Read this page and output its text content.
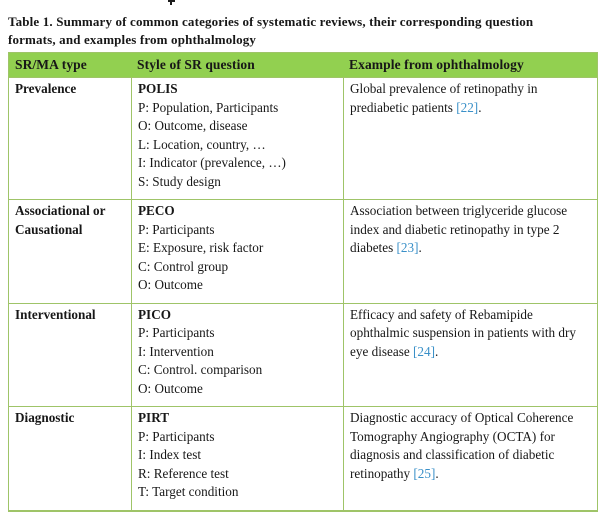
Table 1. Summary of common categories of systematic reviews, their corresponding question
formats, and examples from ophthalmology
SR/MA type	Style of SR question	Example from ophthalmology
Prevalence	POLIS
P: Population, Participants
O: Outcome, disease
L: Location, country, …
I: Indicator (prevalence, …)
S: Study design
	Global prevalence of retinopathy in prediabetic patients [22].
Associational or Causational	PECO
P: Participants
E: Exposure, risk factor
C: Control group
O: Outcome	Association between triglyceride glucose index and diabetic retinopathy in type 2 diabetes [23].
Interventional	PICO
P: Participants
I: Intervention
C: Control. comparison
O: Outcome	Efficacy and safety of Rebamipide ophthalmic suspension in patients with dry eye disease [24].
Diagnostic	PIRT
P: Participants
I: Index test
R: Reference test
T: Target condition	Diagnostic accuracy of Optical Coherence Tomography Angiography (OCTA) for diagnosis and classification of diabetic retinopathy [25].
